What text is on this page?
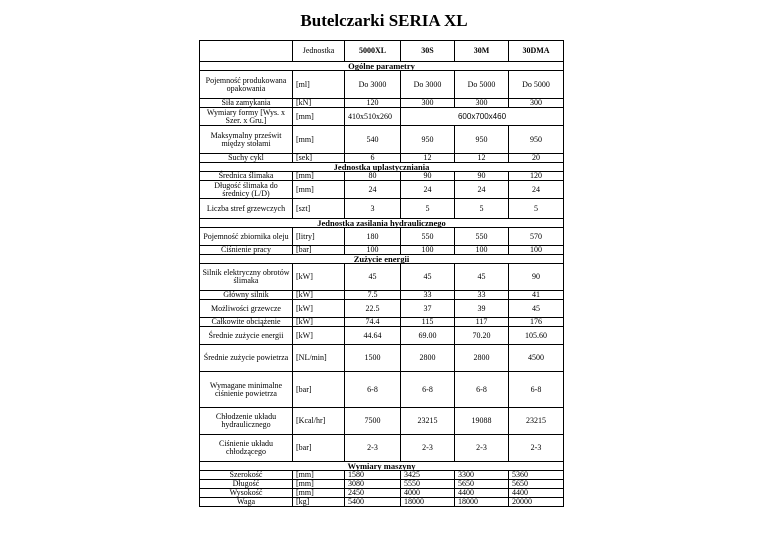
Butelczarki SERIA XL
	Jednostka	5000XL	30S	30M	30DMA
Ogólne parametry					
Pojemność produkowana opakowania	[ml]	Do 3000	Do 3000	Do 5000	Do 5000
Siła zamykania	[kN]	120	300	300	300
Wymiary formy [Wys. x Szer. x Gru.]	[mm]	410x510x260	600x700x460		
Maksymalny prześwit między stołami	[mm]	540	950	950	950
Suchy cykl	[sek]	6	12	12	20
Jednostka uplastyczniania					
Średnica ślimaka	[mm]	80	90	90	120
Długość ślimaka do średnicy (L/D)	[mm]	24	24	24	24
Liczba stref grzewczych	[szt]	3	5	5	5
Jednostka zasilania hydraulicznego					
Pojemność zbiornika oleju	[litry]	180	550	550	570
Ciśnienie pracy	[bar]	100	100	100	100
Zużycie energii					
Silnik elektryczny obrotów ślimaka	[kW]	45	45	45	90
Główny silnik	[kW]	7.5	33	33	41
Możliwości grzewcze	[kW]	22.5	37	39	45
Całkowite obciążenie	[kW]	74.4	115	117	176
Średnie zużycie energii	[kW]	44.64	69.00	70.20	105.60
Średnie zużycie powietrza	[NL/min]	1500	2800	2800	4500
Wymagane minimalne ciśnienie powietrza	[bar]	6-8	6-8	6-8	6-8
Chłodzenie układu hydraulicznego	[Kcal/hr]	7500	23215	19088	23215
Ciśnienie układu chłodzącego	[bar]	2-3	2-3	2-3	2-3
Wymiary maszyny					
Szerokość	[mm]	1580	3425	3300	5360
Długość	[mm]	3080	5550	5650	5650
Wysokość	[mm]	2450	4000	4400	4400
Waga	[kg]	5400	18000	18000	20000
